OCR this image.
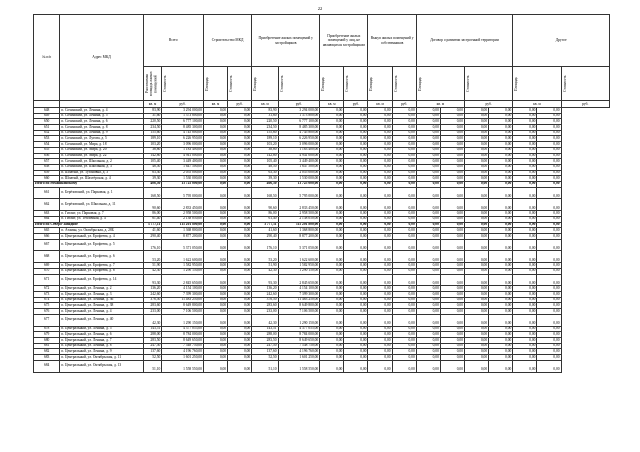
22
№ п/п	Адрес МКД	Всего		Строительство МКД		Приобретение жилых помещений у застройщиков		Приобретение жилых помещений у лиц, не являющихся застройщиком		Выкуп жилых помещений у собственников		Договор о развитии застроенной территории				Другое		

		Расселяемая площадь жилых помещений	Стоимость	Площадь	Стоимость	Площадь	Стоимость	Площадь	Стоимость	Площадь	Стоимость	Площадь		Стоимость		Площадь		Стоимость

		кв. м	руб.	кв. м	руб.	кв. м	руб.	кв. м	руб.	кв. м	руб.	кв. м		руб.		кв. м		руб.
648	п. Сочинский, ул. Ленина, д. 4	83,90	3 294 000,00	0,00	0,00	83,90	3 294 000,00	0,00	0,00	0,00	0,00	0,00	0,00	0,00	0,00	0,00	0,00	
649	п. Сочинский, ул. Ленина, д. 5	31,60	1 373 800,00	0,00	0,00	31,60	1 373 800,00	0,00	0,00	0,00	0,00	0,00	0,00	0,00	0,00	0,00	0,00	
650	п. Сочинский, ул. Ленина, д. 6	220,50	6 777 100,00	0,00	0,00	220,50	6 777 100,00	0,00	0,00	0,00	0,00	0,00	0,00	0,00	0,00	0,00	0,00	
651	п. Сочинский, ул. Ленина, д. 8	234,50	8 485 300,00	0,00	0,00	234,50	8 485 300,00	0,00	0,00	0,00	0,00	0,00	0,00	0,00	0,00	0,00	0,00	
652	п. Сочинский, ул. Ленина, д. 9	155,60	4 745 800,00	0,00	0,00	155,60	4 745 800,00	0,00	0,00	0,00	0,00	0,00	0,00	0,00	0,00	0,00	0,00	
653	п. Сочинский, ул. Лугова, д. 5	189,10	6 226 950,00	0,00	0,00	189,10	6 226 950,00	0,00	0,00	0,00	0,00	0,00	0,00	0,00	0,00	0,00	0,00	
654	п. Сочинский, ул. Мира, д. 18	103,20	3 096 000,00	0,00	0,00	103,20	3 096 000,00	0,00	0,00	0,00	0,00	0,00	0,00	0,00	0,00	0,00	0,00	
655	п. Сочинский, ул. Мира, д. 20	38,80	1 183 400,00	0,00	0,00	38,80	1 183 400,00	0,00	0,00	0,00	0,00	0,00	0,00	0,00	0,00	0,00	0,00	
656	п. Сочинский, ул. Мира, д. 22	142,80	4 941 000,00	0,00	0,00	142,80	4 941 000,00	0,00	0,00	0,00	0,00	0,00	0,00	0,00	0,00	0,00	0,00	
657	п. Сочинский, ул. Школьная, д. 2	105,40	3 449 400,00	0,00	0,00	105,40	3 449 400,00	0,00	0,00	0,00	0,00	0,00	0,00	0,00	0,00	0,00	0,00	
658	п. Сочинский, ул. Школьная, д. 3	48,50	1 647 500,00	0,00	0,00	48,50	1 647 500,00	0,00	0,00	0,00	0,00	0,00	0,00	0,00	0,00	0,00	0,00	
659	п. Шпатый, ул. Тугановна, д. 3	63,30	2 055 000,00	0,00	0,00	63,30	2 055 000,00	0,00	0,00	0,00	0,00	0,00	0,00	0,00	0,00	0,00	0,00	
660	п. Шпатый, ул. Шахтёрская, д. 4	39,30	1 530 000,00	0,00	0,00	39,30	1 530 000,00	0,00	0,00	0,00	0,00	0,00	0,00	0,00	0,00	0,00	0,00	
Итого по Ромашкинскому		406,50	13 725 000,00	0,00	0,00	406,50	13 725 000,00	0,00	0,00	0,00	0,00	0,00	0,00	0,00	0,00	0,00	0,00	
661	п. Берёзовский, ул. Парковая, д. 1	168,50	5 795 000,00	0,00	0,00	168,50	5 795 000,00	0,00	0,00	0,00	0,00	0,00	0,00	0,00	0,00	0,00	0,00	
662	п. Берёзовский, ул. Школьная, д. 11	90,60	2 833 450,00	0,00	0,00	90,60	2 833 450,00	0,00	0,00	0,00	0,00	0,00	0,00	0,00	0,00	0,00	0,00	
663	п. Гигант, ул. Парковая, д. 7	86,00	2 958 500,00	0,00	0,00	86,00	2 958 500,00	0,00	0,00	0,00	0,00	0,00	0,00	0,00	0,00	0,00	0,00	
664	п. Гигант, ул. Тепличная, д. 4	61,40	2 138 050,00	0,00	0,00	61,40	2 138 050,00	0,00	0,00	0,00	0,00	0,00	0,00	0,00	0,00	0,00	0,00	
Итого по Северо-Западное		3 777,11	115 201 800,00	0,00	0,00	3 777,11	115 201 800,00	0,00	0,00	0,00	0,00	0,00	0,00	0,00	0,00	0,00	0,00	
665	п. Атаман, ул. Октябрьская, д. 28Б	41,60	1 368 800,00	0,00	0,00	41,60	1 368 800,00	0,00	0,00	0,00	0,00	0,00	0,00	0,00	0,00	0,00	0,00	
666	п. Центральный, ул. Ерофеева, д. 4	290,40	8 877 200,00	0,00	0,00	290,40	8 877 200,00	0,00	0,00	0,00	0,00	0,00	0,00	0,00	0,00	0,00	0,00	
667	п. Центральный, ул. Ерофеева, д. 5	176,10	5 371 050,00	0,00	0,00	176,10	5 371 050,00	0,00	0,00	0,00	0,00	0,00	0,00	0,00	0,00	0,00	0,00	
668	п. Центральный, ул. Ерофеева, д. 6	53,20	1 622 600,00	0,00	0,00	53,20	1 622 600,00	0,00	0,00	0,00	0,00	0,00	0,00	0,00	0,00	0,00	0,00	
669	п. Центральный, ул. Ерофеева, д. 7	51,90	1 582 950,00	0,00	0,00	51,90	1 582 950,00	0,00	0,00	0,00	0,00	0,00	0,00	0,00	0,00	0,00	0,00	
670	п. Центральный, ул. Ерофеева, д. 8	42,30	1 290 150,00	0,00	0,00	42,30	1 290 150,00	0,00	0,00	0,00	0,00	0,00	0,00	0,00	0,00	0,00	0,00	
671	п. Центральный, ул. Ерофеева, д. 14	93,30	2 845 650,00	0,00	0,00	93,30	2 845 650,00	0,00	0,00	0,00	0,00	0,00	0,00	0,00	0,00	0,00	0,00	
672	п. Центральный, ул. Ленина, д. 2	136,20	4 154 100,00	0,00	0,00	136,20	4 154 100,00	0,00	0,00	0,00	0,00	0,00	0,00	0,00	0,00	0,00	0,00	
673	п. Центральный, ул. Ленина, д. 3	242,60	7 399 300,00	0,00	0,00	242,60	7 399 300,00	0,00	0,00	0,00	0,00	0,00	0,00	0,00	0,00	0,00	0,00	
674	п. Центральный, ул. Ленина, д. 36	376,50	11 483 250,00	0,00	0,00	376,50	11 483 250,00	0,00	0,00	0,00	0,00	0,00	0,00	0,00	0,00	0,00	0,00	
675	п. Центральный, ул. Ленина, д. 38	283,60	8 649 800,00	0,00	0,00	283,60	8 649 800,00	0,00	0,00	0,00	0,00	0,00	0,00	0,00	0,00	0,00	0,00	
676	п. Центральный, ул. Ленина, д. 4	233,00	7 106 500,00	0,00	0,00	233,00	7 106 500,00	0,00	0,00	0,00	0,00	0,00	0,00	0,00	0,00	0,00	0,00	
677	п. Центральный, ул. Ленина, д. 40	42,30	1 290 150,00	0,00	0,00	42,30	1 290 150,00	0,00	0,00	0,00	0,00	0,00	0,00	0,00	0,00	0,00	0,00	
678	п. Центральный, ул. Ленина, д. 5	143,51	4 377 055,00	0,00	0,00	143,51	4 377 055,00	0,00	0,00	0,00	0,00	0,00	0,00	0,00	0,00	0,00	0,00	
679	п. Центральный, ул. Ленина, д. 6	288,00	8 784 000,00	0,00	0,00	288,00	8 784 000,00	0,00	0,00	0,00	0,00	0,00	0,00	0,00	0,00	0,00	0,00	
680	п. Центральный, ул. Ленина, д. 7	283,50	8 649 650,00	0,00	0,00	283,50	8 649 650,00	0,00	0,00	0,00	0,00	0,00	0,00	0,00	0,00	0,00	0,00	
681	п. Центральный, ул. Ленина, д. 8	247,50	7 548 750,00	0,00	0,00	247,50	7 548 750,00	0,00	0,00	0,00	0,00	0,00	0,00	0,00	0,00	0,00	0,00	
682	п. Центральный, ул. Ленина, д. 9	137,60	4 196 760,00	0,00	0,00	137,60	4 196 760,00	0,00	0,00	0,00	0,00	0,00	0,00	0,00	0,00	0,00	0,00	
683	п. Центральный, ул. Октябрьская, д. 11	52,50	1 601 250,00	0,00	0,00	52,50	1 601 250,00	0,00	0,00	0,00	0,00	0,00	0,00	0,00	0,00	0,00	0,00	
684	п. Центральный, ул. Октябрьская, д. 13	51,10	1 558 550,00	0,00	0,00	51,10	1 558 550,00	0,00	0,00	0,00	0,00	0,00	0,00	0,00	0,00	0,00	0,00	
